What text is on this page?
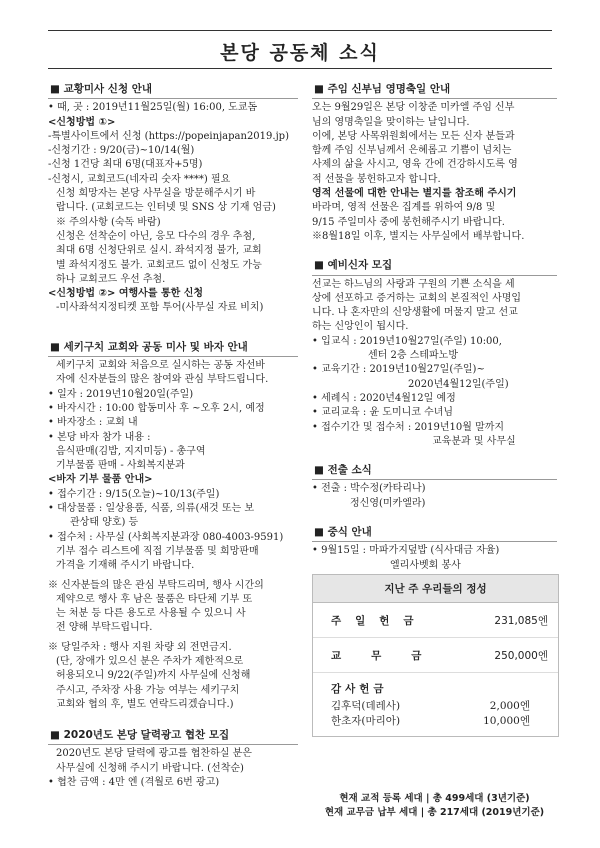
본당 공동체 소식
■ 교황미사 신청 안내

• 때, 곳 : 2019년11월25일(월) 16:00, 도쿄돔

<신청방법 ①>

-특별사이트에서 신청 (https://popeinjapan2019.jp)

-신청기간 : 9/20(금)~10/14(월)

-신청 1건당 최대 6명(대표자+5명)

-신청시, 교회코드(네자리 숫자 ****) 필요

신청 희망자는 본당 사무실을 방문해주시기 바

랍니다. (교회코드는 인터넷 및 SNS 상 기재 엄금)

※ 주의사항 (숙독 바람)

신청은 선착순이 아닌, 응모 다수의 경우 추첨,

최대 6명 신청단위로 실시. 좌석지정 불가, 교회

별 좌석지정도 불가. 교회코드 없이 신청도 가능

하나 교회코드 우선 추첨.

<신청방법 ②> 여행사를 통한 신청

-미사좌석지정티켓 포함 투어(사무실 자료 비치)

■ 세키구치 교회와 공동 미사 및 바자 안내

세키구치 교회와 처음으로 실시하는 공동 자선바

자에 신자분들의 많은 참여와 관심 부탁드립니다.

• 일자 : 2019년10월20일(주일)

• 바자시간 : 10:00 합동미사 후 ~오후 2시, 예정

• 바자장소 : 교회 내

• 본당 바자 참가 내용 :

음식판매(김밥, 지지미등) - 총구역

기부물품 판매 - 사회복지분과

<바자 기부 물품 안내>

• 접수기간 : 9/15(오늘)~10/13(주일)

• 대상물품 : 일상용품, 식품, 의류(새것 또는 보

관상태 양호) 등

• 접수처 : 사무실 (사회복지분과장 080-4003-9591)

기부 접수 리스트에 직접 기부물품 및 희망판매

가격을 기재해 주시기 바랍니다.

※ 신자분들의 많은 관심 부탁드리며, 행사 시간의

제약으로 행사 후 남은 물품은 타단체 기부 또

는 처분 등 다른 용도로 사용될 수 있으니 사

전 양해 부탁드립니다.

※ 당일주차 : 행사 지원 차량 외 전면금지.

(단, 장애가 있으신 분은 주차가 제한적으로

허용되오니 9/22(주일)까지 사무실에 신청해

주시고, 주차장 사용 가능 여부는 세키구치

교회와 협의 후, 별도 연락드리겠습니다.)

■ 2020년도 본당 달력광고 협찬 모집

2020년도 본당 달력에 광고를 협찬하실 분은

사무실에 신청해 주시기 바랍니다. (선착순)

• 협찬 금액 : 4만 엔 (격월로 6번 광고)

■ 주임 신부님 영명축일 안내

오는 9월29일은 본당 이창준 미카엘 주임 신부

님의 영명축일을 맞이하는 날입니다.

이에, 본당 사목위원회에서는 모든 신자 분들과

함께 주임 신부님께서 은혜롭고 기쁨이 넘치는

사제의 삶을 사시고, 영육 간에 건강하시도록 영

적 선물을 봉헌하고자 합니다.

영적 선물에 대한 안내는 별지를 참조해 주시기

바라며, 영적 선물은 집계를 위하여 9/8 및

9/15 주일미사 중에 봉헌해주시기 바랍니다.

※8월18일 이후, 별지는 사무실에서 배부합니다.

■ 예비신자 모집

선교는 하느님의 사랑과 구원의 기쁜 소식을 세

상에 선포하고 증거하는 교회의 본질적인 사명입

니다. 나 혼자만의 신앙생활에 머물지 말고 선교

하는 신앙인이 됩시다.

• 입교식 : 2019년10월27일(주일) 10:00,

센터 2층 스테파노방

• 교육기간 : 2019년10월27일(주일)~

2020년4월12일(주일)

• 세례식 : 2020년4월12일 예정

• 교리교육 : 윤 도미니코 수녀님

• 접수기간 및 접수처 : 2019년10월 말까지

교육분과 및 사무실

■ 전출 소식

• 전출 : 박수정(카타리나)

정신영(미카엘라)

■ 중식 안내

• 9월15일 : 마파가지덮밥 (식사대금 자율)

엘리사벳회 봉사

지난 주 우리들의 정성
주일헌금	231,085엔
교무금	250,000엔
감사헌금
김후덕(데레사)	2,000엔
한초자(마리아)	10,000엔
현재 교적 등록 세대 | 총 499세대 (3년기준)
현재 교무금 납부 세대 | 총 217세대 (2019년기준)
